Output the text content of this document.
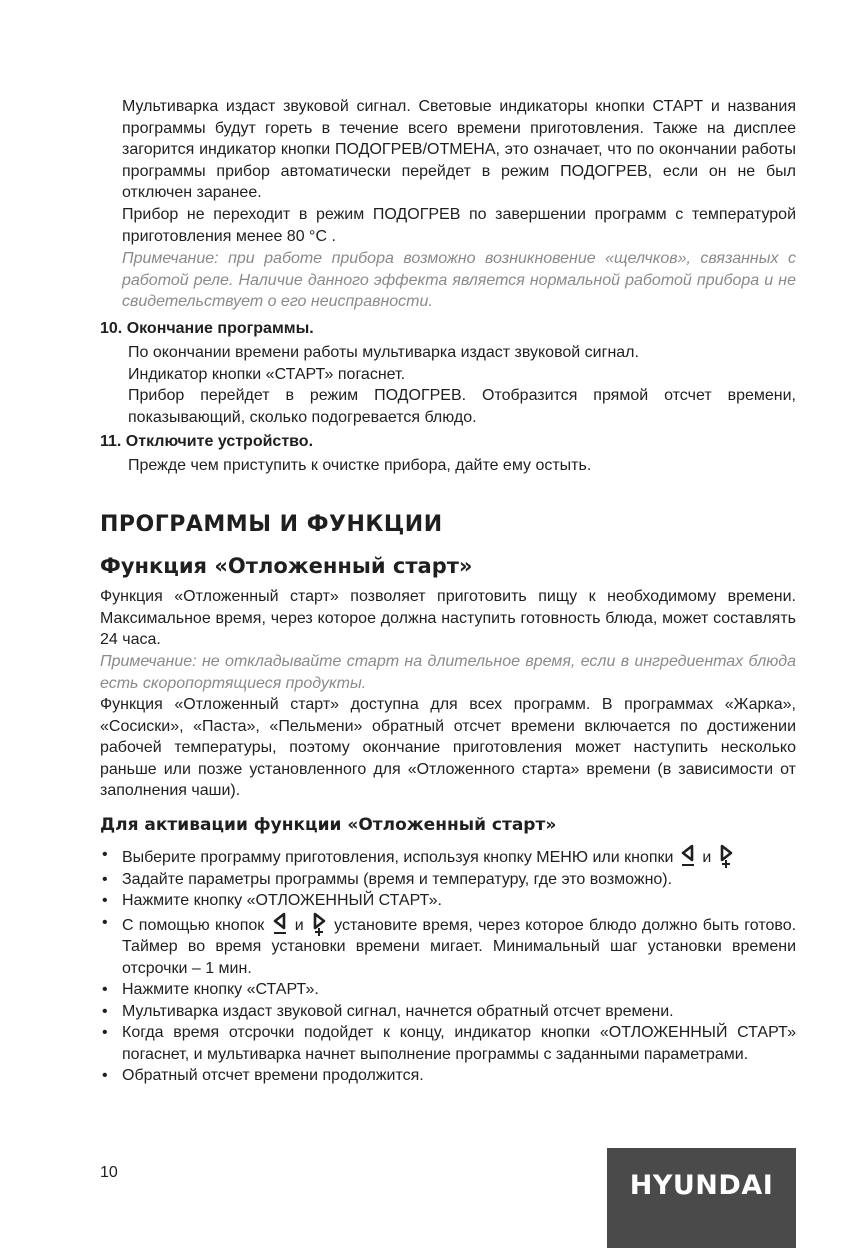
Мультиварка издаст звуковой сигнал. Световые индикаторы кнопки СТАРТ и названия программы будут гореть в течение всего времени приготовления. Также на дисплее загорится индикатор кнопки ПОДОГРЕВ/ОТМЕНА, это означает, что по окончании работы программы прибор автоматически перейдет в режим ПОДОГРЕВ, если он не был отключен заранее.

Прибор не переходит в режим ПОДОГРЕВ по завершении программ с температурой приготовления менее 80 °C .

Примечание: при работе прибора возможно возникновение «щелчков», связанных с работой реле. Наличие данного эффекта является нормальной работой прибора и не свидетельствует о его неисправности.

10. Окончание программы.

По окончании времени работы мультиварка издаст звуковой сигнал.

Индикатор кнопки «СТАРТ» погаснет.

Прибор перейдет в режим ПОДОГРЕВ. Отобразится прямой отсчет времени, показывающий, сколько подогревается блюдо.

11. Отключите устройство.

Прежде чем приступить к очистке прибора, дайте ему остыть.

ПРОГРАММЫ И ФУНКЦИИ
Функция «Отложенный старт»

Функция «Отложенный старт» позволяет приготовить пищу к необходимому времени. Максимальное время, через которое должна наступить готовность блюда, может составлять 24 часа.

Примечание: не откладывайте старт на длительное время, если в ингредиентах блюда есть скоропортящиеся продукты.

Функция «Отложенный старт» доступна для всех программ. В программах «Жарка», «Сосиски», «Паста», «Пельмени» обратный отсчет времени включается по достижении рабочей температуры, поэтому окончание приготовления может наступить несколько раньше или позже установленного для «Отложенного старта» времени (в зависимости от заполнения чаши).

Для активации функции «Отложенный старт»
• Выберите программу приготовления, используя кнопку МЕНЮ или кнопки и
• Задайте параметры программы (время и температуру, где это возможно).
• Нажмите кнопку «ОТЛОЖЕННЫЙ СТАРТ».
• С помощью кнопок и установите время, через которое блюдо должно быть готово. Таймер во время установки времени мигает. Минимальный шаг установки времени отсрочки – 1 мин.
• Нажмите кнопку «СТАРТ».
• Мультиварка издаст звуковой сигнал, начнется обратный отсчет времени.
• Когда время отсрочки подойдет к концу, индикатор кнопки «ОТЛОЖЕННЫЙ СТАРТ» погаснет, и мультиварка начнет выполнение программы с заданными параметрами.
• Обратный отсчет времени продолжится.

10	HYUNDAI
